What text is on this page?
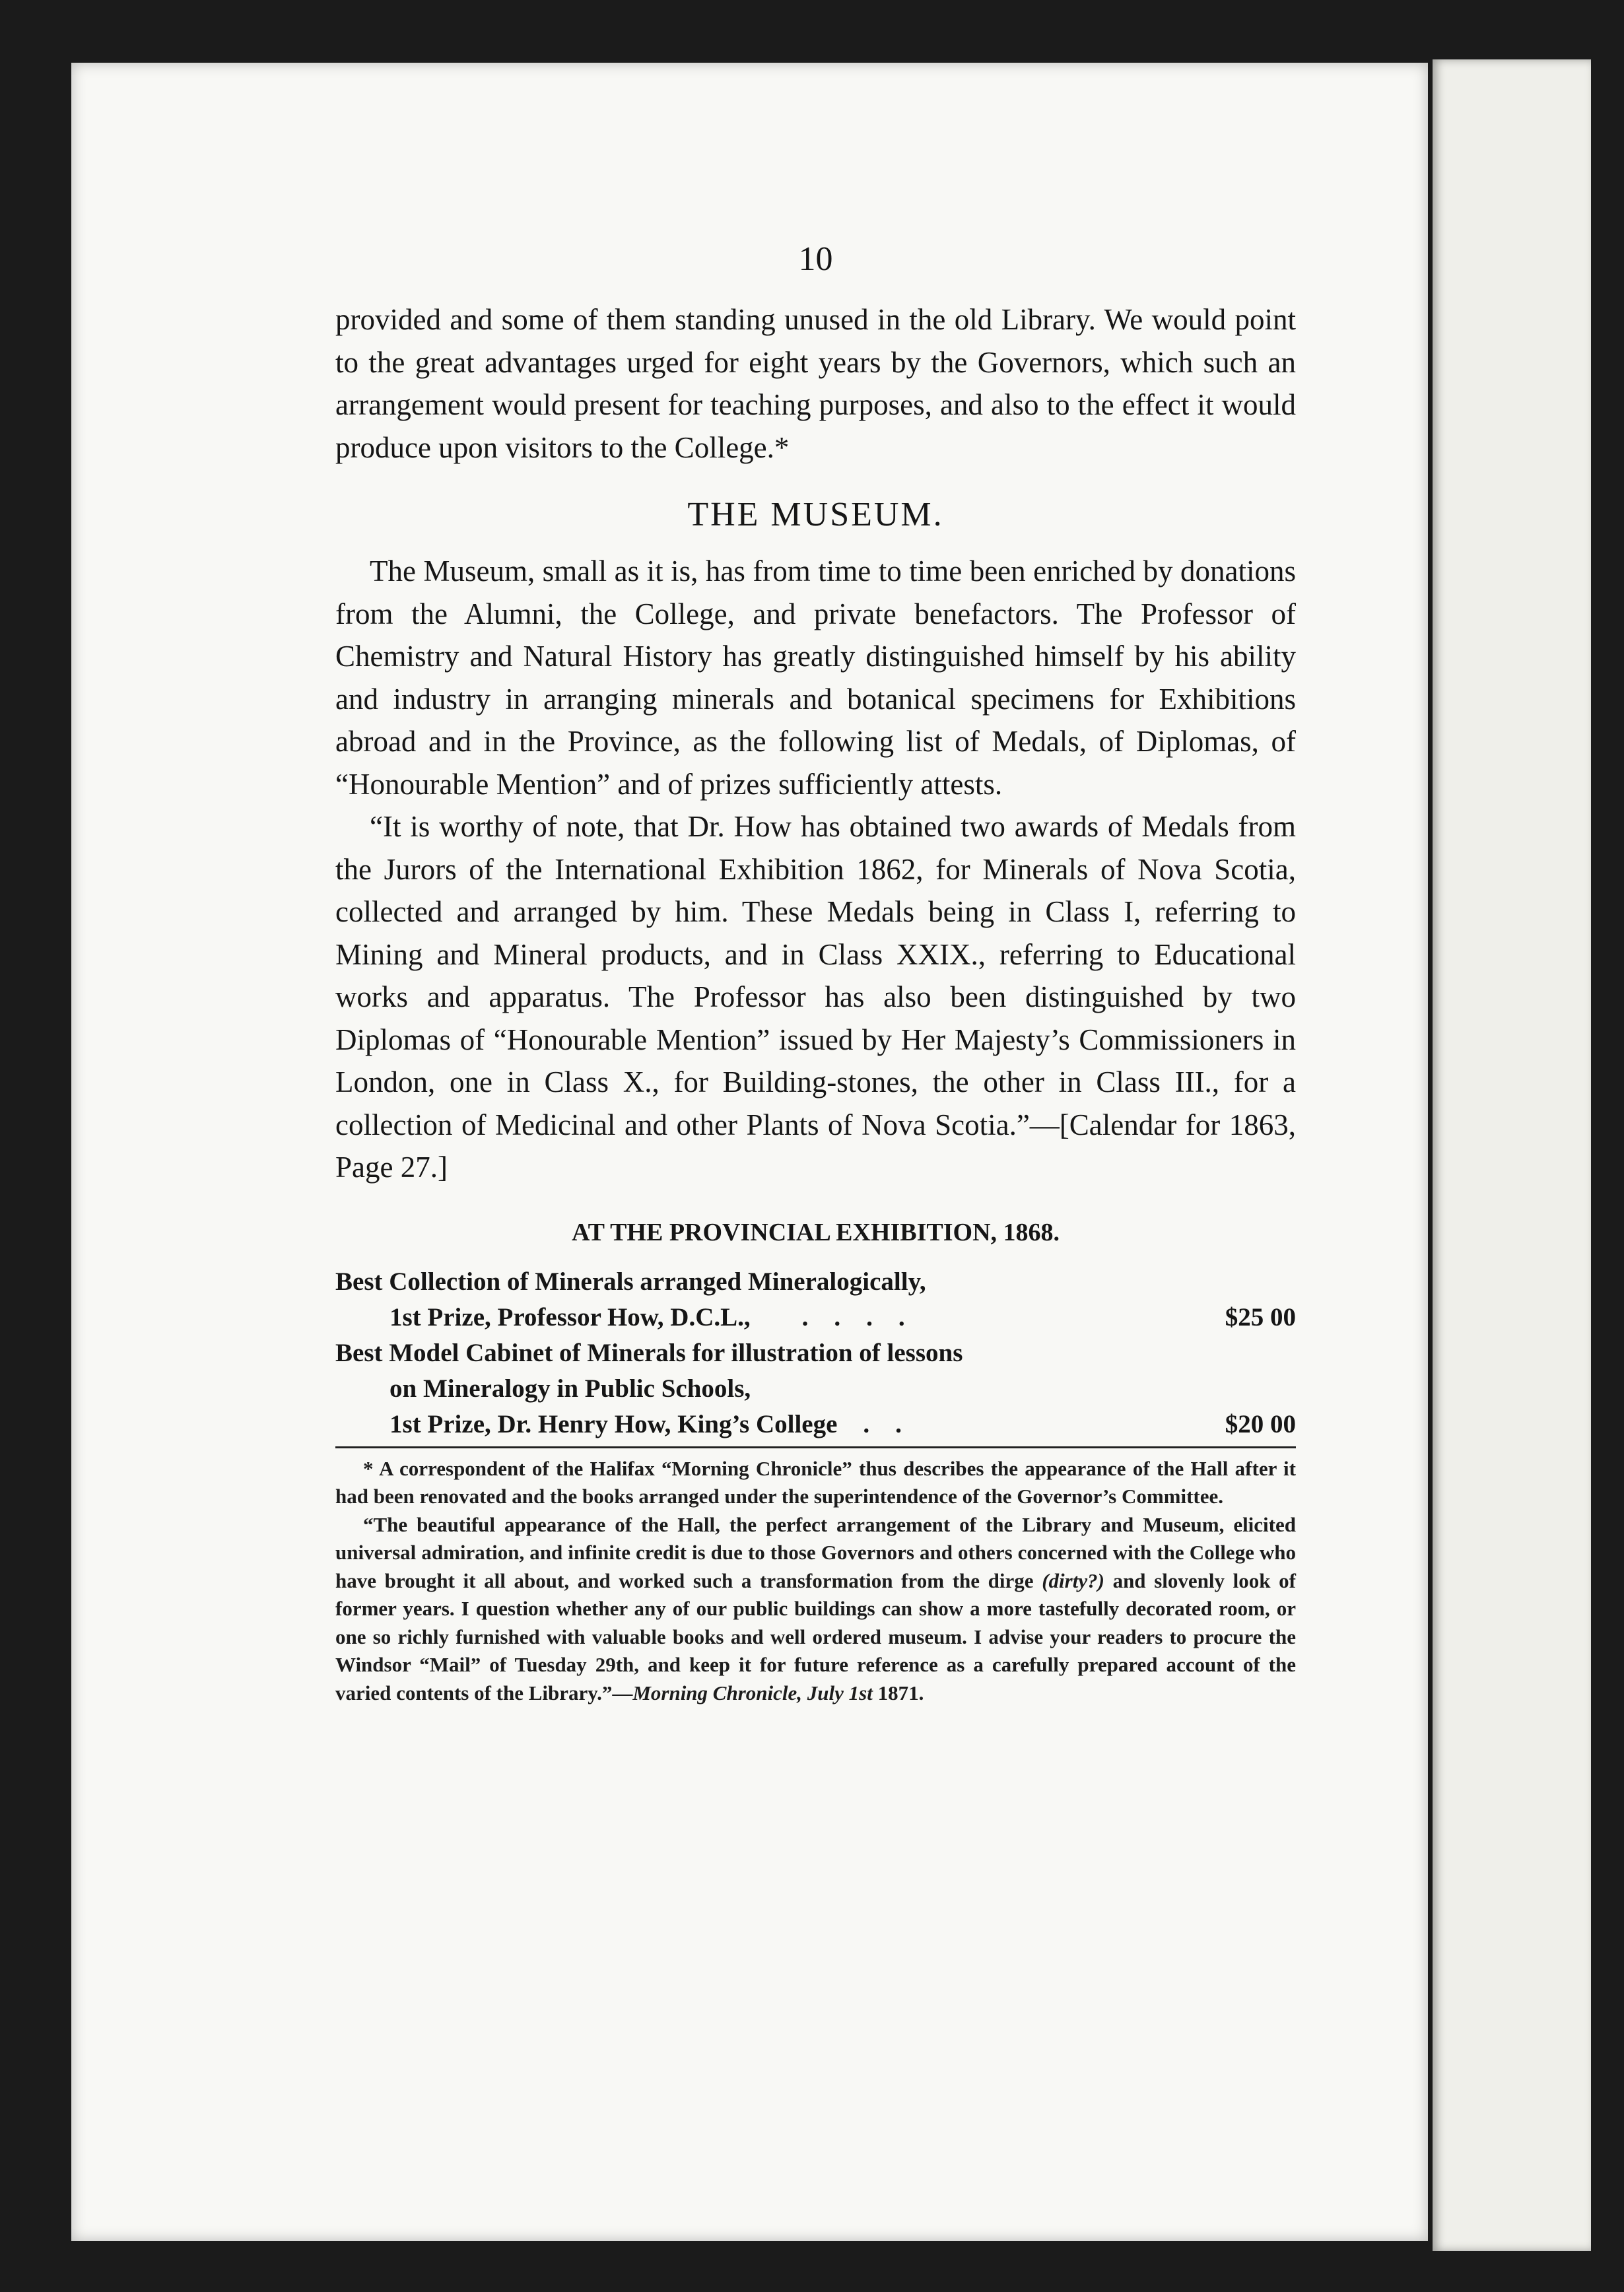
10

provided and some of them standing unused in the old Library. We would point to the great advantages urged for eight years by the Governors, which such an arrangement would present for teaching purposes, and also to the effect it would produce upon visitors to the College.*

THE MUSEUM.

The Museum, small as it is, has from time to time been enriched by donations from the Alumni, the College, and private benefactors. The Professor of Chemistry and Natural History has greatly distinguished himself by his ability and industry in arranging minerals and botanical specimens for Exhibitions abroad and in the Province, as the following list of Medals, of Diplomas, of “Honourable Mention” and of prizes sufficiently attests.

“It is worthy of note, that Dr. How has obtained two awards of Medals from the Jurors of the International Exhibition 1862, for Minerals of Nova Scotia, collected and arranged by him. These Medals being in Class I, referring to Mining and Mineral products, and in Class XXIX., referring to Educational works and apparatus. The Professor has also been distinguished by two Diplomas of “Honourable Mention” issued by Her Majesty’s Commissioners in London, one in Class X., for Building-stones, the other in Class III., for a collection of Medicinal and other Plants of Nova Scotia.”—[Calendar for 1863, Page 27.]

AT THE PROVINCIAL EXHIBITION, 1868.
Best Collection of Minerals arranged Mineralogically,
1st Prize, Professor How, D.C.L.,        .    .    .    .	$25 00
Best Model Cabinet of Minerals for illustration of lessons
on Mineralogy in Public Schools,
1st Prize, Dr. Henry How, King’s College    .    .	$20 00

* A correspondent of the Halifax “Morning Chronicle” thus describes the appearance of the Hall after it had been renovated and the books arranged under the superintendence of the Governor’s Committee.

“The beautiful appearance of the Hall, the perfect arrangement of the Library and Museum, elicited universal admiration, and infinite credit is due to those Governors and others concerned with the College who have brought it all about, and worked such a transformation from the dirge (dirty?) and slovenly look of former years. I question whether any of our public buildings can show a more tastefully decorated room, or one so richly furnished with valuable books and well ordered museum. I advise your readers to procure the Windsor “Mail” of Tuesday 29th, and keep it for future reference as a carefully prepared account of the varied contents of the Library.”—Morning Chronicle, July 1st 1871.
